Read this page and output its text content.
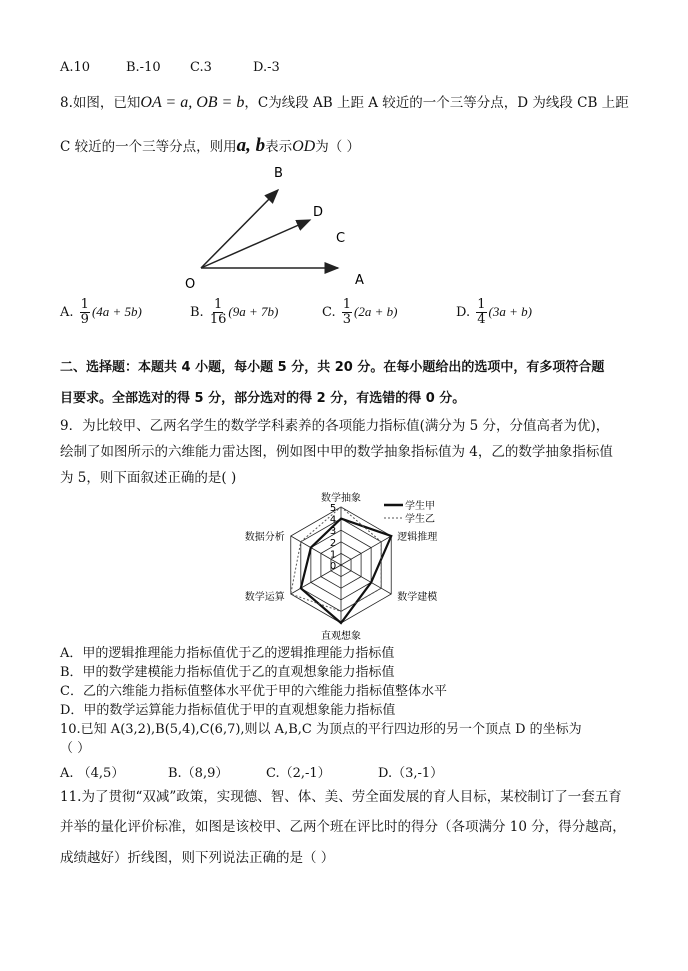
A.10	B.-10 C.3	D.-3
8.如图，已知OA = a, OB = b，C为线段 AB 上距 A 较近的一个三等分点，D 为线段 CB 上距
C 较近的一个三等分点，则用a, b表示OD为（ ）
B
D
C
O	A
A. $\frac{1}{9} (4a + 5b)$	B. $\frac{1}{16} (9a + 7b)$	C. $\frac{1}{3} (2a + b)$	D. $\frac{1}{4} (3a + b)$
二、选择题：本题共 4 小题，每小题 5 分，共 20 分。在每小题给出的选项中，有多项符合题
目要求。全部选对的得 5 分，部分选对的得 2 分，有选错的得 0 分。
9．为比较甲、乙两名学生的数学学科素养的各项能力指标值(满分为 5 分，分值高者为优)，
绘制了如图所示的六维能力雷达图，例如图中甲的数学抽象指标值为 4，乙的数学抽象指标值
为 5，则下面叙述正确的是( )
0
1
2
3
4
5
数学抽象
逻辑推理
数学建模
直观想象
数学运算
数据分析
学生甲
学生乙
A．甲的逻辑推理能力指标值优于乙的逻辑推理能力指标值
B．甲的数学建模能力指标值优于乙的直观想象能力指标值
C．乙的六维能力指标值整体水平优于甲的六维能力指标值整体水平
D．甲的数学运算能力指标值优于甲的直观想象能力指标值
10.已知 A(3,2),B(5,4),C(6,7),则以 A,B,C 为顶点的平行四边形的另一个顶点 D 的坐标为
（ ）
A. （4,5）	B.（8,9）	C.（2,-1）	D.（3,-1）
11.为了贯彻“双减”政策，实现德、智、体、美、劳全面发展的育人目标，某校制订了一套五育
并举的量化评价标准，如图是该校甲、乙两个班在评比时的得分（各项满分 10 分，得分越高，
成绩越好）折线图，则下列说法正确的是（ ）
